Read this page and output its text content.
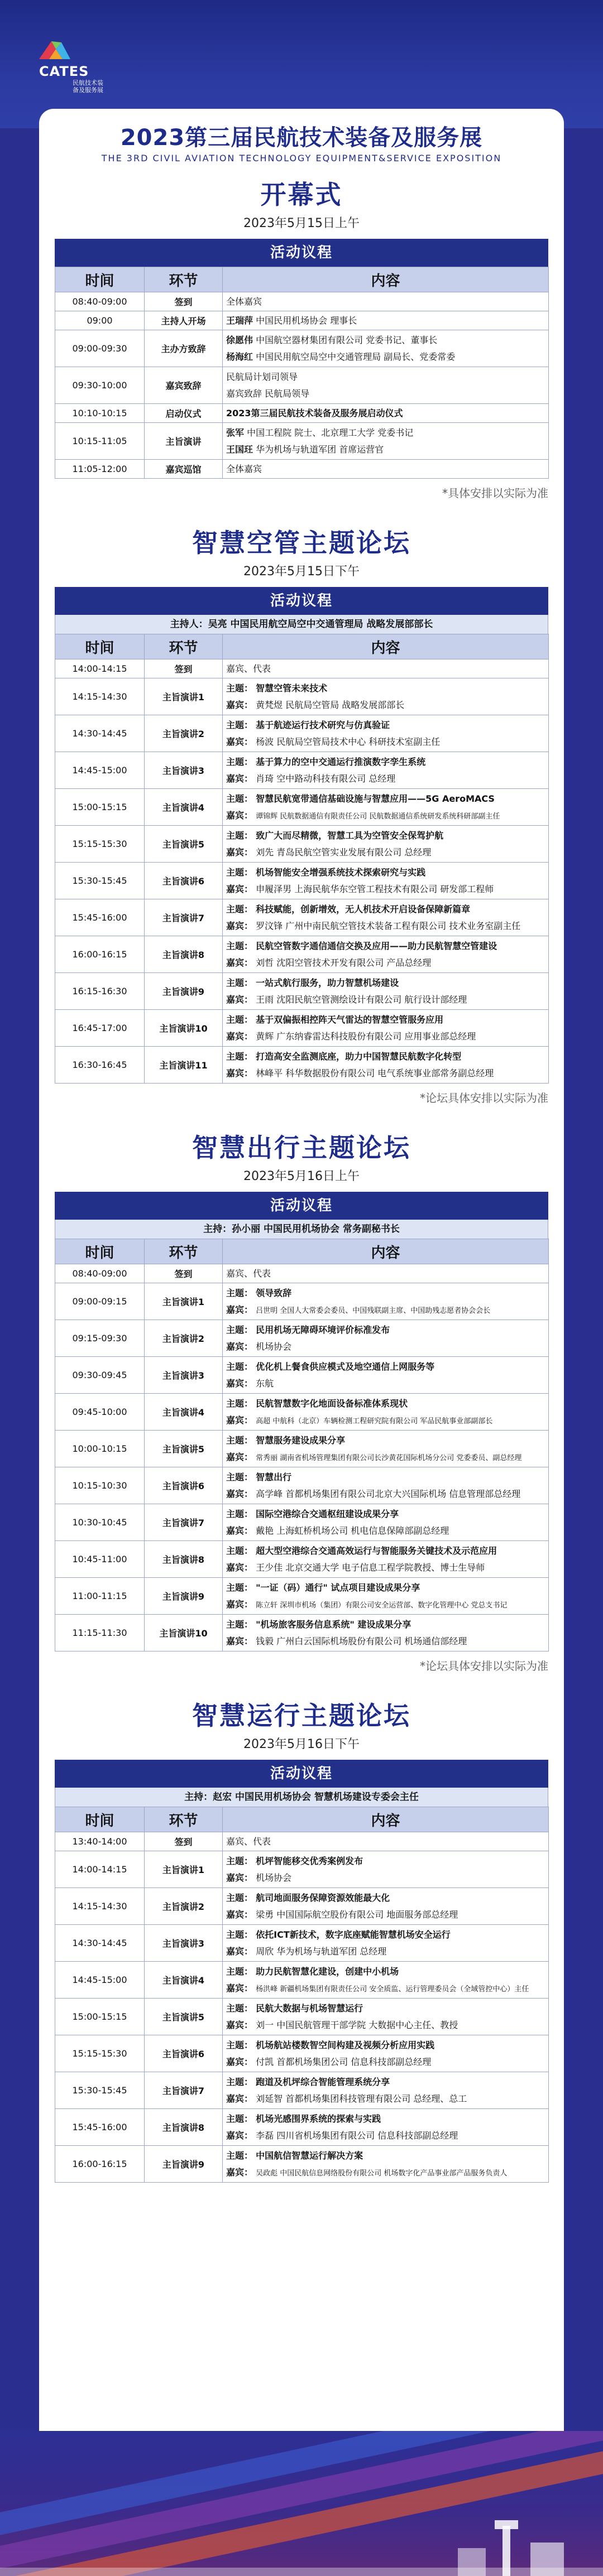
CATES
民航技术装
备及服务展
2023第三届民航技术装备及服务展
THE 3RD CIVIL AVIATION TECHNOLOGY EQUIPMENT&SERVICE EXPOSITION
开幕式
2023年5月15日上午
活动议程
时间	环节	内容
08:40-09:00	签到	全体嘉宾

09:00	主持人开场	王瑞萍 中国民用机场协会 理事长

09:00-09:30	主办方致辞	徐愿伟 中国航空器材集团有限公司 党委书记、董事长
杨海红 中国民用航空局空中交通管理局 副局长、党委常委

09:30-10:00	嘉宾致辞	民航局计划司领导
嘉宾致辞 民航局领导

10:10-10:15	启动仪式	2023第三届民航技术装备及服务展启动仪式

10:15-11:05	主旨演讲	张军 中国工程院 院士、北京理工大学 党委书记
王国玨 华为机场与轨道军团 首席运营官

11:05-12:00	嘉宾巡馆	全体嘉宾
*具体安排以实际为准
智慧空管主题论坛
2023年5月15日下午
活动议程
主持人：吴亮 中国民用航空局空中交通管理局 战略发展部部长
时间	环节	内容
14:00-14:15	签到	嘉宾、代表

14:15-14:30	主旨演讲1	主题： 智慧空管未来技术
嘉宾： 黄梵煜 民航局空管局 战略发展部部长

14:30-14:45	主旨演讲2	主题： 基于航迹运行技术研究与仿真验证
嘉宾： 杨波 民航局空管局技术中心 科研技术室副主任

14:45-15:00	主旨演讲3	主题： 基于算力的空中交通运行推演数字孪生系统
嘉宾： 肖琦 空中路动科技有限公司 总经理

15:00-15:15	主旨演讲4	主题： 智慧民航宽带通信基础设施与智慧应用——5G AeroMACS
嘉宾： 谭锦辉 民航数据通信有限责任公司 民航数据通信系统研发系统科研部副主任

15:15-15:30	主旨演讲5	主题： 致广大而尽精微，智慧工具为空管安全保驾护航
嘉宾： 刘先 青岛民航空管实业发展有限公司 总经理

15:30-15:45	主旨演讲6	主题： 机场智能安全增强系统技术探索研究与实践
嘉宾： 申履泽男 上海民航华东空管工程技术有限公司 研发部工程师

15:45-16:00	主旨演讲7	主题： 科技赋能，创新增效，无人机技术开启设备保障新篇章
嘉宾： 罗汶锋 广州中南民航空管技术装备工程有限公司 技术业务室副主任

16:00-16:15	主旨演讲8	主题： 民航空管数字通信通信交换及应用——助力民航智慧空管建设
嘉宾： 刘哲 沈阳空管技术开发有限公司 产品总经理

16:15-16:30	主旨演讲9	主题： 一站式航行服务，助力智慧机场建设
嘉宾： 王雨 沈阳民航空管测绘设计有限公司 航行设计部经理

16:45-17:00	主旨演讲10	主题： 基于双偏振相控阵天气雷达的智慧空管服务应用
嘉宾： 黄辉 广东纳睿雷达科技股份有限公司 应用事业部总经理

16:30-16:45	主旨演讲11	主题： 打造高安全监测底座，助力中国智慧民航数字化转型
嘉宾： 林峰平 科华数据股份有限公司 电气系统事业部常务副总经理
*论坛具体安排以实际为准
智慧出行主题论坛
2023年5月16日上午
活动议程
主持：孙小丽 中国民用机场协会 常务副秘书长
时间	环节	内容
08:40-09:00	签到	嘉宾、代表

09:00-09:15	主旨演讲1	主题： 领导致辞
嘉宾： 吕世明 全国人大常委会委员、中国残联副主席、中国助残志愿者协会会长

09:15-09:30	主旨演讲2	主题： 民用机场无障碍环境评价标准发布
嘉宾： 机场协会

09:30-09:45	主旨演讲3	主题： 优化机上餐食供应模式及地空通信上网服务等
嘉宾： 东航

09:45-10:00	主旨演讲4	主题： 民航智慧数字化地面设备标准体系现状
嘉宾： 高超 中航科（北京）车辆检测工程研究院有限公司 军品民航事业部副部长

10:00-10:15	主旨演讲5	主题： 智慧服务建设成果分享
嘉宾： 常秀丽 湖南省机场管理集团有限公司长沙黄花国际机场分公司 党委委员、副总经理

10:15-10:30	主旨演讲6	主题： 智慧出行
嘉宾： 高学峰 首都机场集团有限公司北京大兴国际机场 信息管理部总经理

10:30-10:45	主旨演讲7	主题： 国际空港综合交通枢纽建设成果分享
嘉宾： 戴艳 上海虹桥机场公司 机电信息保障部副总经理

10:45-11:00	主旨演讲8	主题： 超大型空港综合交通高效运行与智能服务关键技术及示范应用
嘉宾： 王少佳 北京交通大学 电子信息工程学院教授、博士生导师

11:00-11:15	主旨演讲9	主题： "一证（码）通行" 试点项目建设成果分享
嘉宾： 陈立轩 深圳市机场（集团）有限公司安全运营部、数字化管理中心 党总支书记

11:15-11:30	主旨演讲10	主题： "机场旅客服务信息系统" 建设成果分享
嘉宾： 钱毅 广州白云国际机场股份有限公司 机场通信部经理
*论坛具体安排以实际为准
智慧运行主题论坛
2023年5月16日下午
活动议程
主持：赵宏 中国民用机场协会 智慧机场建设专委会主任
时间	环节	内容
13:40-14:00	签到	嘉宾、代表

14:00-14:15	主旨演讲1	主题： 机坪智能移交优秀案例发布
嘉宾： 机场协会

14:15-14:30	主旨演讲2	主题： 航司地面服务保障资源效能最大化
嘉宾： 梁勇 中国国际航空股份有限公司 地面服务部总经理

14:30-14:45	主旨演讲3	主题： 依托ICT新技术，数字底座赋能智慧机场安全运行
嘉宾： 周欣 华为机场与轨道军团 总经理

14:45-15:00	主旨演讲4	主题： 助力民航智慧化建设，创建中小机场
嘉宾： 杨洪峰 新疆机场集团有限责任公司 安全质监、运行管理委员会（全域管控中心）主任

15:00-15:15	主旨演讲5	主题： 民航大数据与机场智慧运行
嘉宾： 刘一 中国民航管理干部学院 大数据中心主任、教授

15:15-15:30	主旨演讲6	主题： 机场航站楼数智空间构建及视频分析应用实践
嘉宾： 付凯 首都机场集团公司 信息科技部副总经理

15:30-15:45	主旨演讲7	主题： 跑道及机坪综合智能管理系统分享
嘉宾： 刘延智 首都机场集团科技管理有限公司 总经理、总工

15:45-16:00	主旨演讲8	主题： 机场光感围界系统的探索与实践
嘉宾： 李磊 四川省机场集团有限公司 信息科技部副总经理

16:00-16:15	主旨演讲9	主题： 中国航信智慧运行解决方案
嘉宾： 吴政彪 中国民航信息网络股份有限公司 机场数字化产品事业部产品服务负责人
